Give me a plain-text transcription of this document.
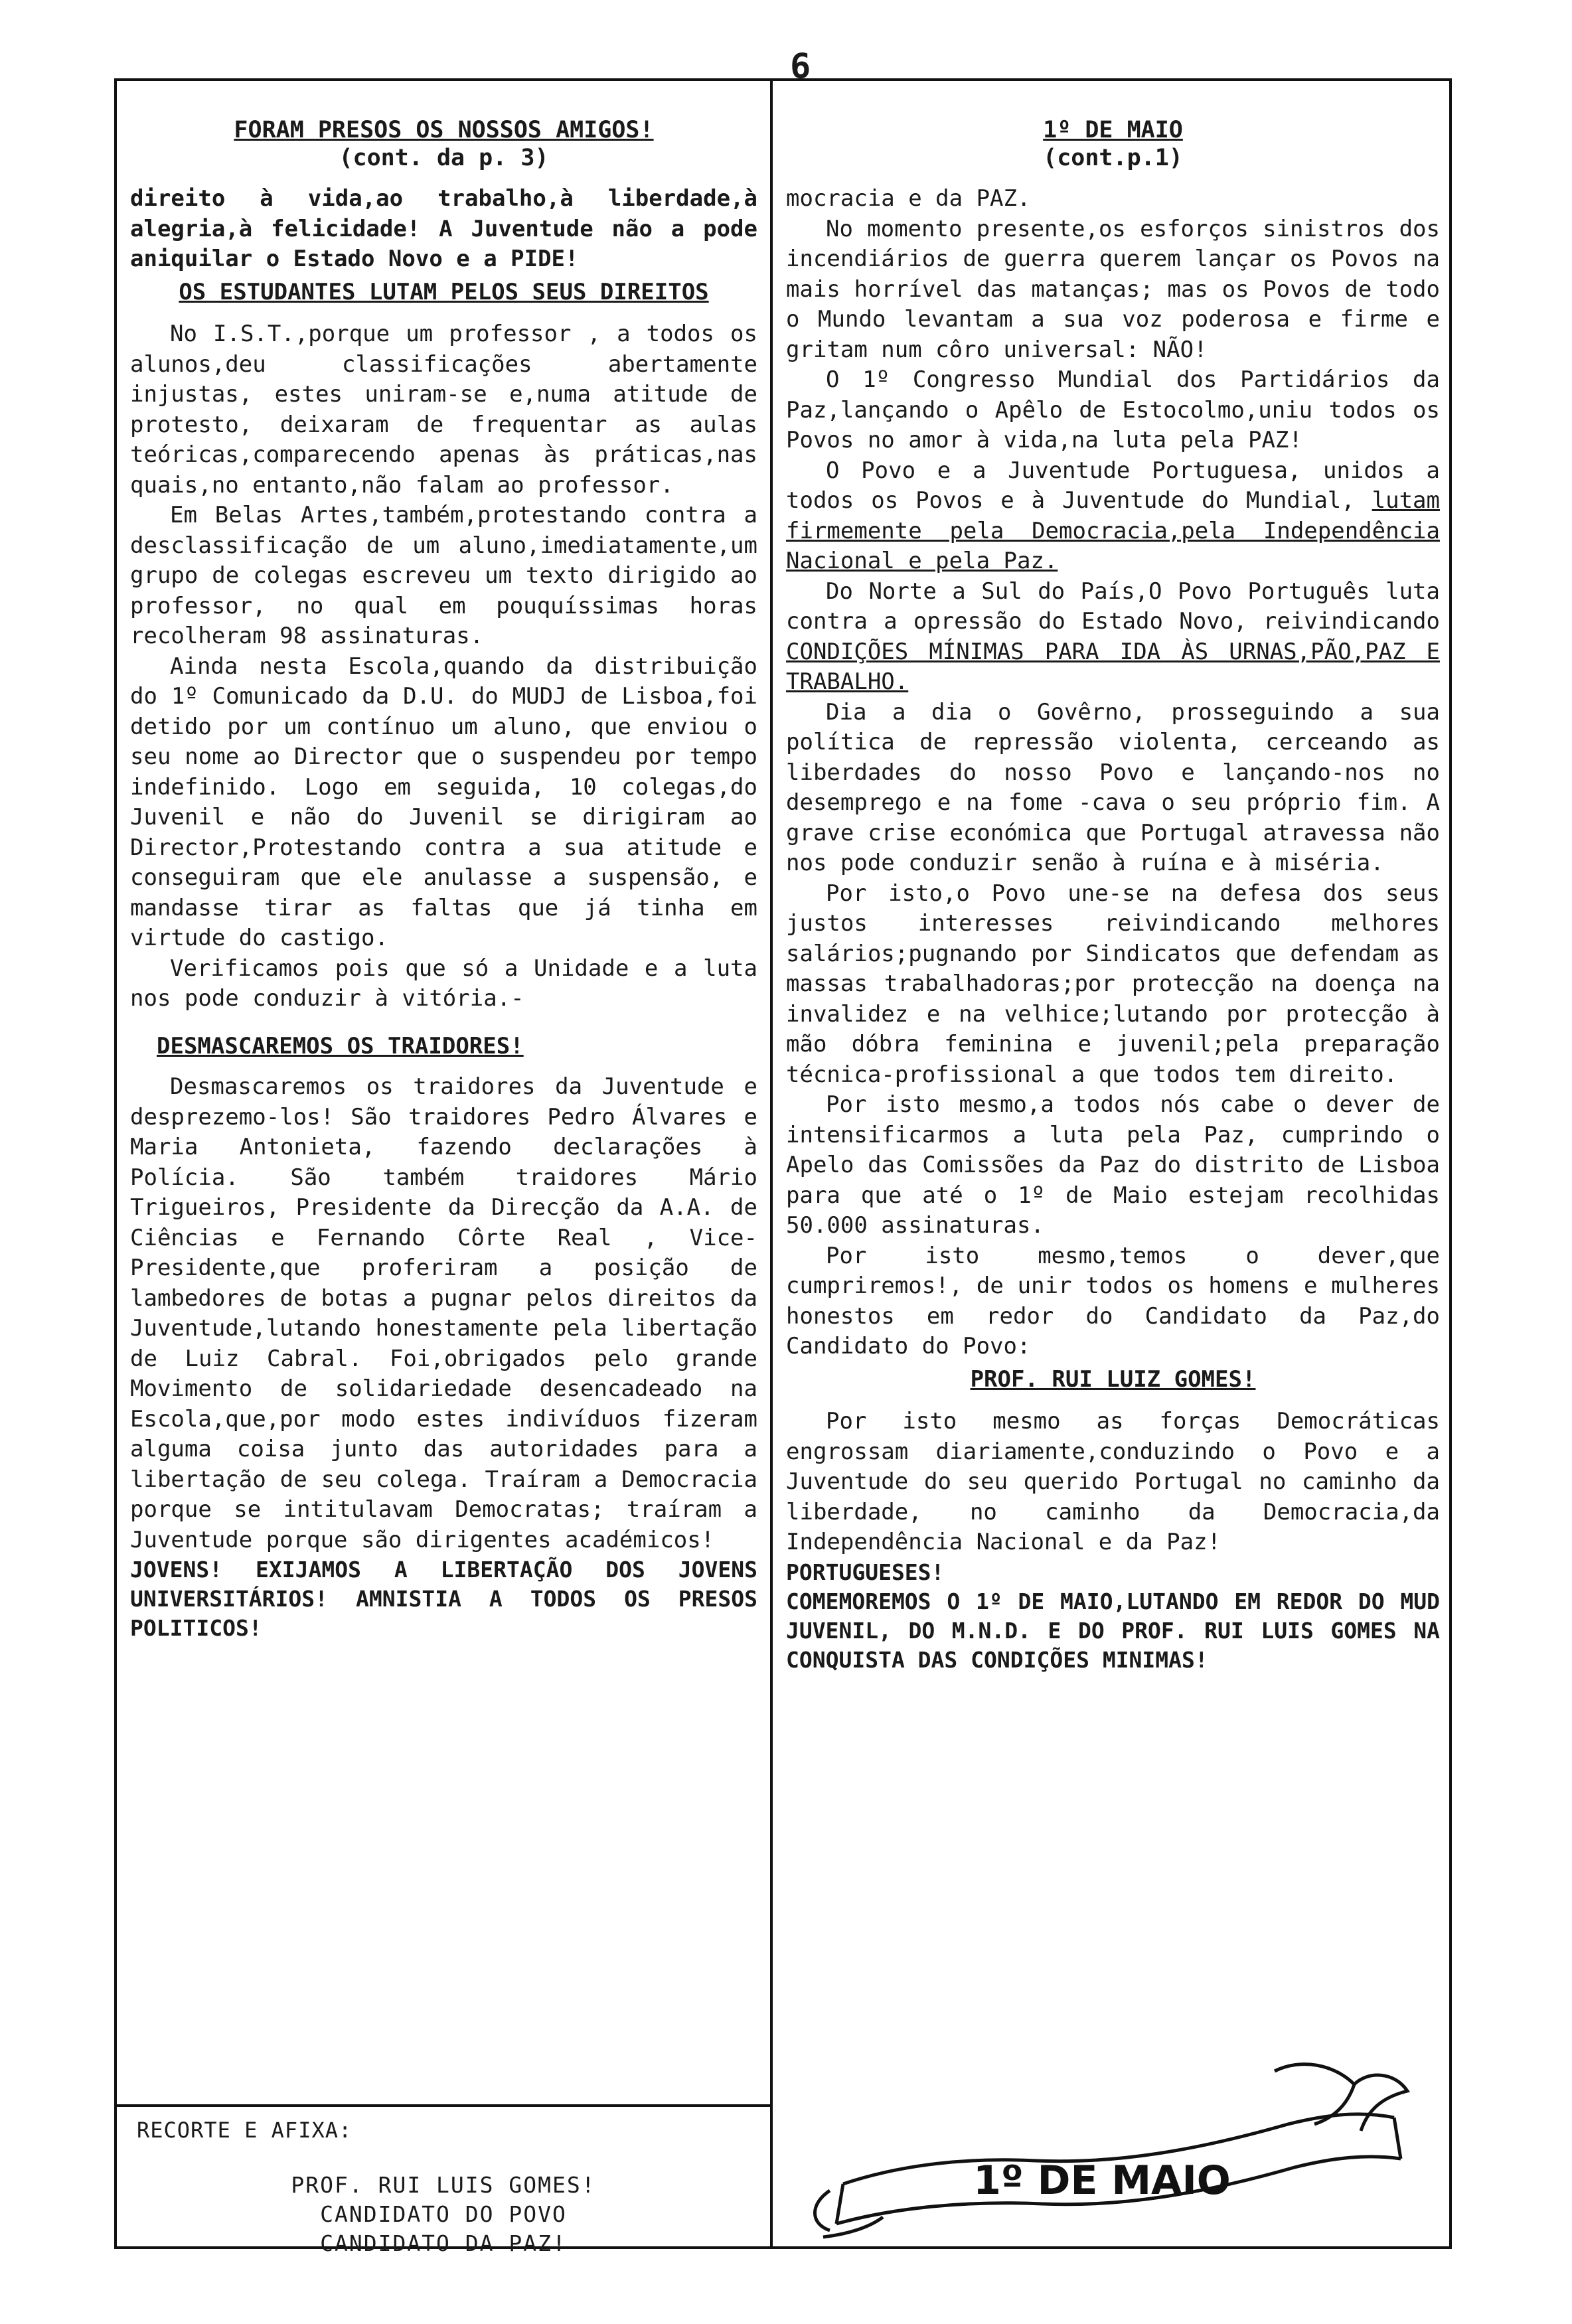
6
FORAM PRESOS OS NOSSOS AMIGOS!
(cont. da p. 3)

direito à vida,ao trabalho,à liberdade,à alegria,à felicidade! A Juventude não a pode aniquilar o Estado Novo e a PIDE!

OS ESTUDANTES LUTAM PELOS SEUS DIREITOS

No I.S.T.,porque um professor , a todos os alunos,deu classificações abertamente injustas, estes uniram-se e,numa atitude de protesto, deixaram de frequentar as aulas teóricas,comparecendo apenas às práticas,nas quais,no entanto,não falam ao professor.

Em Belas Artes,também,protestando contra a desclassificação de um aluno,imediatamente,um grupo de colegas escreveu um texto dirigido ao professor, no qual em pouquíssimas horas recolheram 98 assinaturas.

Ainda nesta Escola,quando da distribuição do 1º Comunicado da D.U. do MUDJ de Lisboa,foi detido por um contínuo um aluno, que enviou o seu nome ao Director que o suspendeu por tempo indefinido. Logo em seguida, 10 colegas,do Juvenil e não do Juvenil se dirigiram ao Director,Protestando contra a sua atitude e conseguiram que ele anulasse a suspensão, e mandasse tirar as faltas que já tinha em virtude do castigo.

Verificamos pois que só a Unidade e a luta nos pode conduzir à vitória.-

DESMASCAREMOS OS TRAIDORES!

Desmascaremos os traidores da Juventude e desprezemo-los! São traidores Pedro Álvares e Maria Antonieta, fazendo declarações à Polícia. São também traidores Mário Trigueiros, Presidente da Direcção da A.A. de Ciências e Fernando Côrte Real , Vice-Presidente,que proferiram a posição de lambedores de botas a pugnar pelos direitos da Juventude,lutando honestamente pela libertação de Luiz Cabral. Foi,obrigados pelo grande Movimento de solidariedade desencadeado na Escola,que,por modo estes indivíduos fizeram alguma coisa junto das autoridades para a libertação de seu colega. Traíram a Democracia porque se intitulavam Democratas; traíram a Juventude porque são dirigentes académicos!

JOVENS! EXIJAMOS A LIBERTAÇÃO DOS JOVENS UNIVERSITÁRIOS! AMNISTIA A TODOS OS PRESOS POLITICOS!

RECORTE E AFIXA:
PROF. RUI LUIS GOMES!
CANDIDATO DO POVO
CANDIDATO DA PAZ!
1º DE MAIO
(cont.p.1)

mocracia e da PAZ.

No momento presente,os esforços sinistros dos incendiários de guerra querem lançar os Povos na mais horrível das matanças; mas os Povos de todo o Mundo levantam a sua voz poderosa e firme e gritam num côro universal: NÃO!

O 1º Congresso Mundial dos Partidários da Paz,lançando o Apêlo de Estocolmo,uniu todos os Povos no amor à vida,na luta pela PAZ!

O Povo e a Juventude Portuguesa, unidos a todos os Povos e à Juventude do Mundial, lutam firmemente pela Democracia,pela Independência Nacional e pela Paz.

Do Norte a Sul do País,O Povo Português luta contra a opressão do Estado Novo, reivindicando CONDIÇÕES MÍNIMAS PARA IDA ÀS URNAS,PÃO,PAZ E TRABALHO.

Dia a dia o Govêrno, prosseguindo a sua política de repressão violenta, cerceando as liberdades do nosso Povo e lançando-nos no desemprego e na fome -cava o seu próprio fim. A grave crise económica que Portugal atravessa não nos pode conduzir senão à ruína e à miséria.

Por isto,o Povo une-se na defesa dos seus justos interesses reivindicando melhores salários;pugnando por Sindicatos que defendam as massas trabalhadoras;por protecção na doença na invalidez e na velhice;lutando por protecção à mão dóbra feminina e juvenil;pela preparação técnica-profissional a que todos tem direito.

Por isto mesmo,a todos nós cabe o dever de intensificarmos a luta pela Paz, cumprindo o Apelo das Comissões da Paz do distrito de Lisboa para que até o 1º de Maio estejam recolhidas 50.000 assinaturas.

Por isto mesmo,temos o dever,que cumpriremos!, de unir todos os homens e mulheres honestos em redor do Candidato da Paz,do Candidato do Povo:

PROF. RUI LUIZ GOMES!

Por isto mesmo as forças Democráticas engrossam diariamente,conduzindo o Povo e a Juventude do seu querido Portugal no caminho da liberdade, no caminho da Democracia,da Independência Nacional e da Paz!

PORTUGUESES!

COMEMOREMOS O 1º DE MAIO,LUTANDO EM REDOR DO MUD JUVENIL, DO M.N.D. E DO PROF. RUI LUIS GOMES NA CONQUISTA DAS CONDIÇÕES MINIMAS!

1º DE MAIO
